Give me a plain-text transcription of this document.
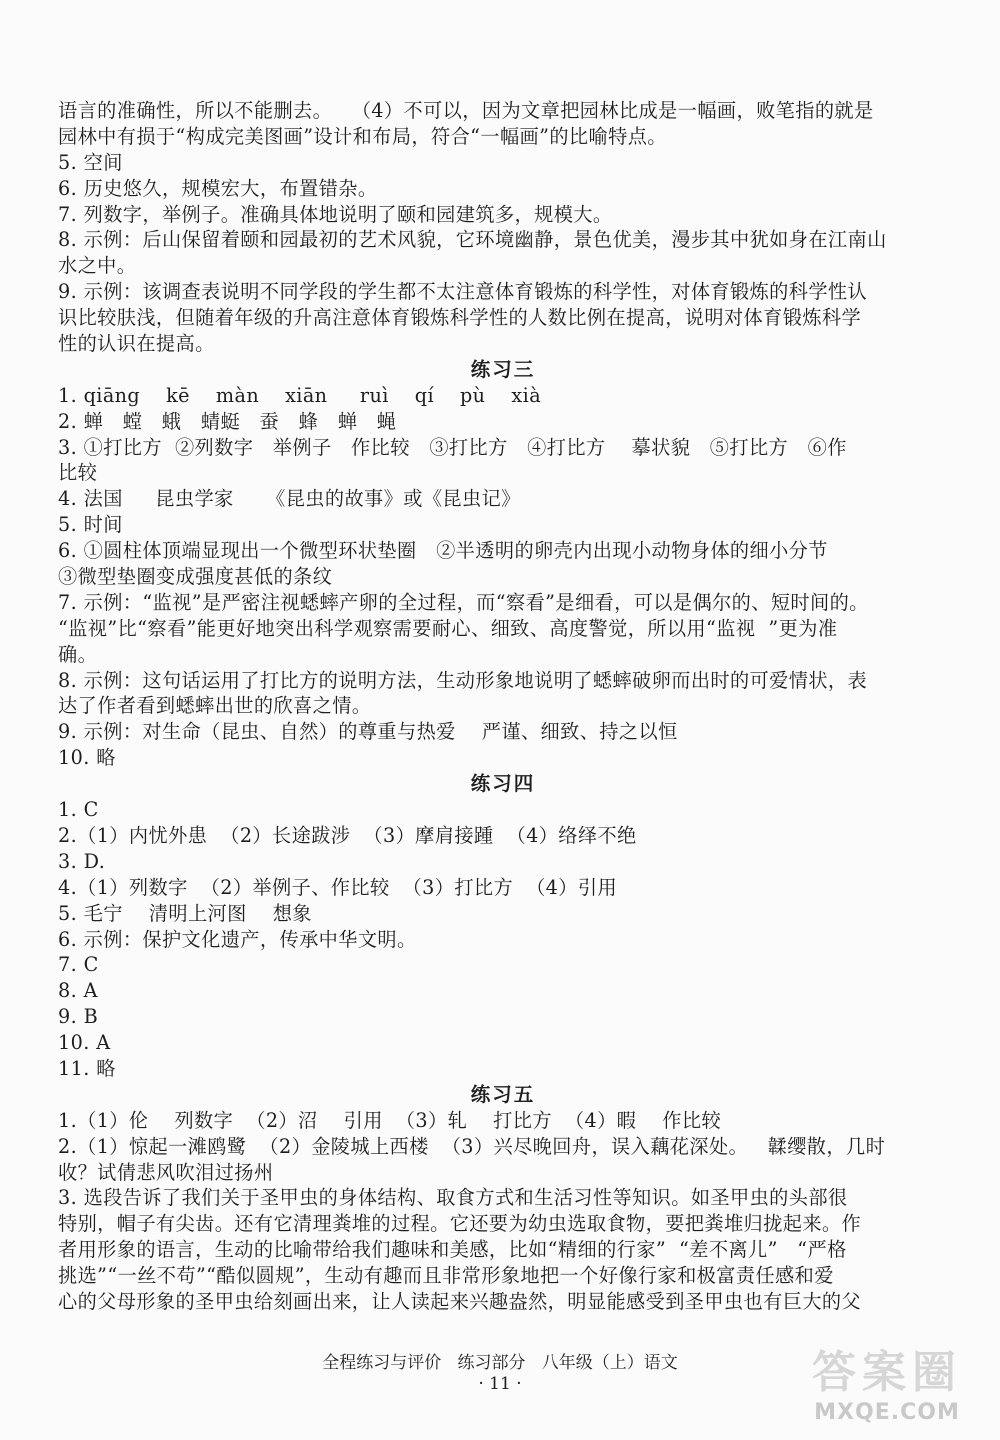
语言的准确性，所以不能删去。   （4）不可以，因为文章把园林比成是一幅画，败笔指的就是
园林中有损于“构成完美图画”设计和布局，符合“一幅画”的比喻特点。
5. 空间
6. 历史悠久，规模宏大，布置错杂。
7. 列数字，举例子。准确具体地说明了颐和园建筑多，规模大。
8. 示例：后山保留着颐和园最初的艺术风貌，它环境幽静，景色优美，漫步其中犹如身在江南山
水之中。
9. 示例：该调查表说明不同学段的学生都不太注意体育锻炼的科学性，对体育锻炼的科学性认
识比较肤浅，但随着年级的升高注意体育锻炼科学性的人数比例在提高，说明对体育锻炼科学
性的认识在提高。
练习三
1. qiāng    kē    màn    xiān     ruì    qí    pù    xià
2. 蝉   螳   蛾   蜻蜓   蚕   蜂   蝉   蝇
3. ①打比方  ②列数字   举例子   作比较   ③打比方   ④打比方    摹状貌   ⑤打比方   ⑥作
比较
4. 法国     昆虫学家     《昆虫的故事》或《昆虫记》
5. 时间
6. ①圆柱体顶端显现出一个微型环状垫圈   ②半透明的卵壳内出现小动物身体的细小分节
③微型垫圈变成强度甚低的条纹
7. 示例：“监视”是严密注视蟋蟀产卵的全过程，而“察看”是细看，可以是偶尔的、短时间的。
“监视”比“察看”能更好地突出科学观察需要耐心、细致、高度警觉，所以用“监视  ”更为准
确。
8. 示例：这句话运用了打比方的说明方法，生动形象地说明了蟋蟀破卵而出时的可爱情状，表
达了作者看到蟋蟀出世的欣喜之情。
9. 示例：对生命（昆虫、自然）的尊重与热爱    严谨、细致、持之以恒
10. 略
练习四
1. C
2.（1）内忧外患  （2）长途跋涉  （3）摩肩接踵  （4）络绎不绝
3. D.
4.（1）列数字  （2）举例子、作比较  （3）打比方  （4）引用
5. 毛宁    清明上河图    想象
6. 示例：保护文化遗产，传承中华文明。
7. C
8. A
9. B
10. A
11. 略
练习五
1.（1）伦    列数字  （2）沼    引用  （3）轧    打比方  （4）暇    作比较
2.（1）惊起一滩鸥鹭  （2）金陵城上西楼  （3）兴尽晚回舟，误入藕花深处。   韖缨散，几时
收？试倩悲风吹泪过扬州
3. 选段告诉了我们关于圣甲虫的身体结构、取食方式和生活习性等知识。如圣甲虫的头部很
特别，帽子有尖齿。还有它清理粪堆的过程。它还要为幼虫选取食物，要把粪堆归拢起来。作
者用形象的语言，生动的比喻带给我们趣味和美感，比如“精细的行家”  “差不离儿”   “严格
挑选”“一丝不苟”“酷似圆规”，生动有趣而且非常形象地把一个好像行家和极富责任感和爱
心的父母形象的圣甲虫给刻画出来，让人读起来兴趣盎然，明显能感受到圣甲虫也有巨大的父
全程练习与评价   练习部分   八年级（上）语文
· 11 ·	答案圈
MXQE.COM
